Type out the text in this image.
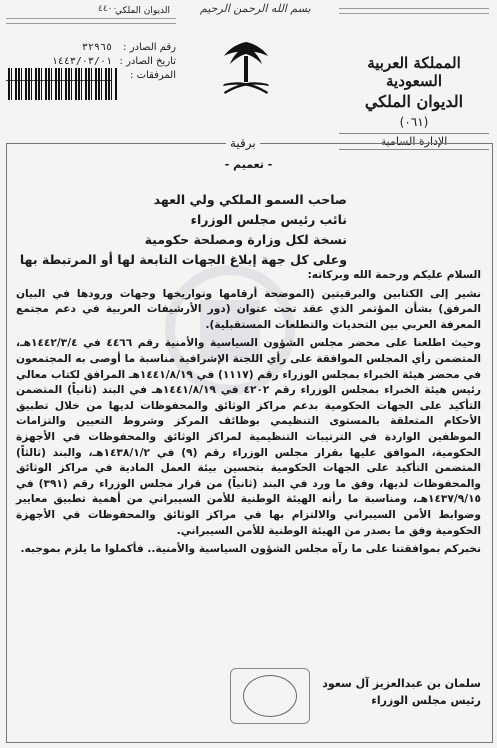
٤٤٠٠
الديوان الملكي
رقم الصادر :
٣٢٩٦٥
تاريخ الصادر :
١٤٤٣/٠٣/٠١
المرفقات :
بسم الله الرحمن الرحيم
المملكة العربية السعودية
الديوان الملكي
(٠٦١)
الإدارة السامية
برقية
- تعميم -
صاحب السمو الملكي ولي العهد
نائب رئيس مجلس الوزراء
نسخة لكل وزارة ومصلحة حكومية
وعلى كل جهة إبلاغ الجهات التابعة لها أو المرتبطة بها

السلام عليكم ورحمة الله وبركاته:

نشير إلى الكتابين والبرقيتين (الموضحة أرقامها وتواريخها وجهات ورودها في البيان المرفق) بشأن المؤتمر الذي عقد تحت عنوان (دور الأرشيفات العربية في دعم مجتمع المعرفة العربي بين التحديات والتطلعات المستقبلية).

وحيث اطلعنا على محضر مجلس الشؤون السياسية والأمنية رقم ٤٤٦٦ في ١٤٤٢/٣/٤هـ، المتضمن رأي المجلس الموافقة على رأي اللجنة الإشرافية مناسبة ما أوصى به المجتمعون في محضر هيئة الخبراء بمجلس الوزراء رقم (١١١٧) في ١٤٤١/٨/١٩هـ المرافق لكتاب معالي رئيس هيئة الخبراء بمجلس الوزراء رقم ٤٢٠٢ في ١٤٤١/٨/١٩هـ في البند (ثانياً) المتضمن التأكيد على الجهات الحكومية بدعم مراكز الوثائق والمحفوظات لديها من خلال تطبيق الأحكام المتعلقة بالمستوى التنظيمي بوظائف المركز وشروط التعيين والتزامات الموظفين الواردة في الترتيبات التنظيمية لمراكز الوثائق والمحفوظات في الأجهزة الحكومية، الموافق عليها بقرار مجلس الوزراء رقم (٩) في ١٤٣٨/١/٢هـ، والبند (ثالثاً) المتضمن التأكيد على الجهات الحكومية بتحسين بيئة العمل المادية في مراكز الوثائق والمحفوظات لديها، وفق ما ورد في البند (ثانياً) من قرار مجلس الوزراء رقم (٣٩١) في ١٤٣٧/٩/١٥هـ، ومناسبة ما رأته الهيئة الوطنية للأمن السيبراني من أهمية تطبيق معايير وضوابط الأمن السيبراني والالتزام بها في مراكز الوثائق والمحفوظات في الأجهزة الحكومية وفق ما يصدر من الهيئة الوطنية للأمن السيبراني.

نخبركم بموافقتنا على ما رآه مجلس الشؤون السياسية والأمنية.. فأكملوا ما يلزم بموجبه.

سلمان بن عبدالعزيز آل سعود
رئيس مجلس الوزراء
